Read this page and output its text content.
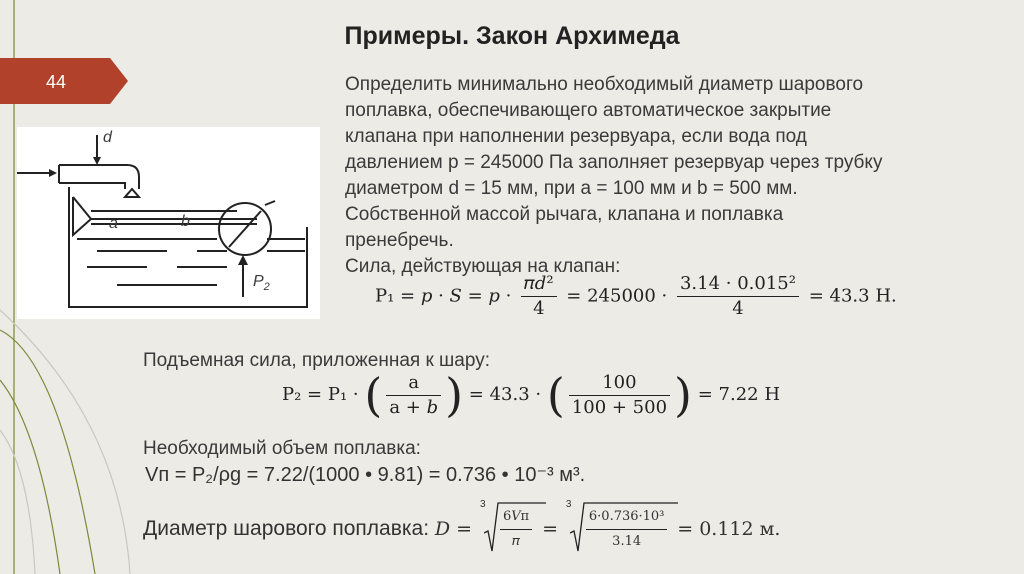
Примеры. Закон Архимеда
44	Определить минимально необходимый диаметр шарового
поплавка, обеспечивающего автоматическое закрытие
клапана при наполнении резервуара, если вода под
давлением р = 245000 Па заполняет резервуар через трубку
диаметром d = 15 мм, при a = 100 мм и b = 500 мм.
Собственной массой рычага, клапана и поплавка
пренебречь.
Сила, действующая на клапан:
d
a	b
$P_2$	P₁ = 𝑝 · 𝑆 = 𝑝 · $\frac{\text{𝜋𝑑²}}{4} = 245000 \cdot \frac{\text{3.14 · 0.015²}}{4} = 43.3$ Н.
Подъемная сила, приложенная к шару:
P₂ = P₁ · ( $\frac{a}{\text{a + 𝑏}}$ ) = 43.3 · ( $\frac{100}{100 + 500}$ ) = 7.22 Н
Необходимый объем поплавка:
Vп = P₂/ρg = 7.22/(1000 • 9.81) = 0.736 • 10⁻³ м³.
Диаметр шарового поплавка: 𝐷 =
3
$\frac{\text{6𝑉п}}{\text{𝜋}}$ =
3
$\frac{\text{6·0.736·10³}}{3.14} = 0.112$ м.
